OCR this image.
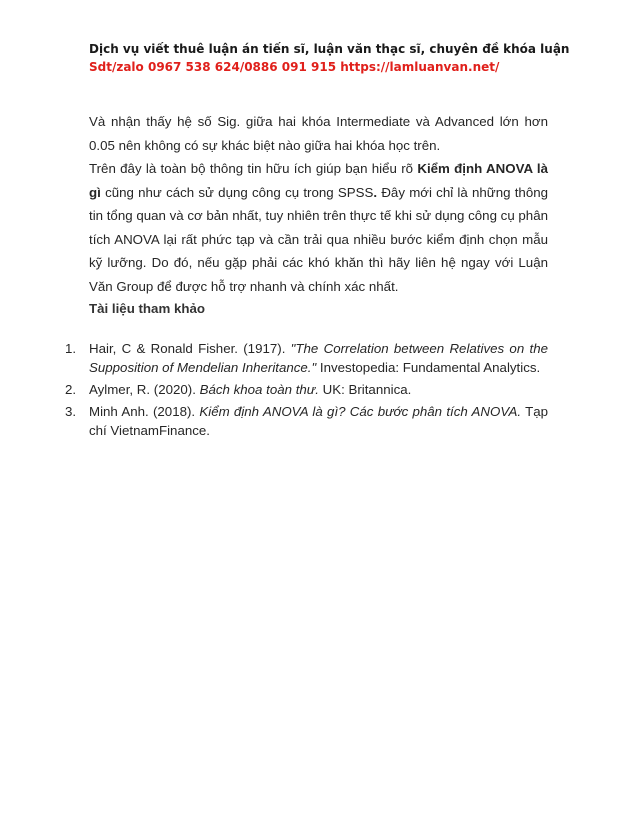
Dịch vụ viết thuê luận án tiến sĩ, luận văn thạc sĩ, chuyên đề khóa luận
Sdt/zalo 0967 538 624/0886 091 915 https://lamluanvan.net/

Và nhận thấy hệ số Sig. giữa hai khóa Intermediate và Advanced lớn hơn 0.05 nên không có sự khác biệt nào giữa hai khóa học trên.

Trên đây là toàn bộ thông tin hữu ích giúp bạn hiểu rõ Kiểm định ANOVA là gì cũng như cách sử dụng công cụ trong SPSS. Đây mới chỉ là những thông tin tổng quan và cơ bản nhất, tuy nhiên trên thực tế khi sử dụng công cụ phân tích ANOVA lại rất phức tạp và cần trải qua nhiều bước kiểm định chọn mẫu kỹ lưỡng. Do đó, nếu gặp phải các khó khăn thì hãy liên hệ ngay với Luận Văn Group để được hỗ trợ nhanh và chính xác nhất.

Tài liệu tham khảo

1. Hair, C & Ronald Fisher. (1917). "The Correlation between Relatives on the Supposition of Mendelian Inheritance." Investopedia: Fundamental Analytics.
2. Aylmer, R. (2020). Bách khoa toàn thư. UK: Britannica.
3. Minh Anh. (2018). Kiểm định ANOVA là gì? Các bước phân tích ANOVA. Tạp chí VietnamFinance.
